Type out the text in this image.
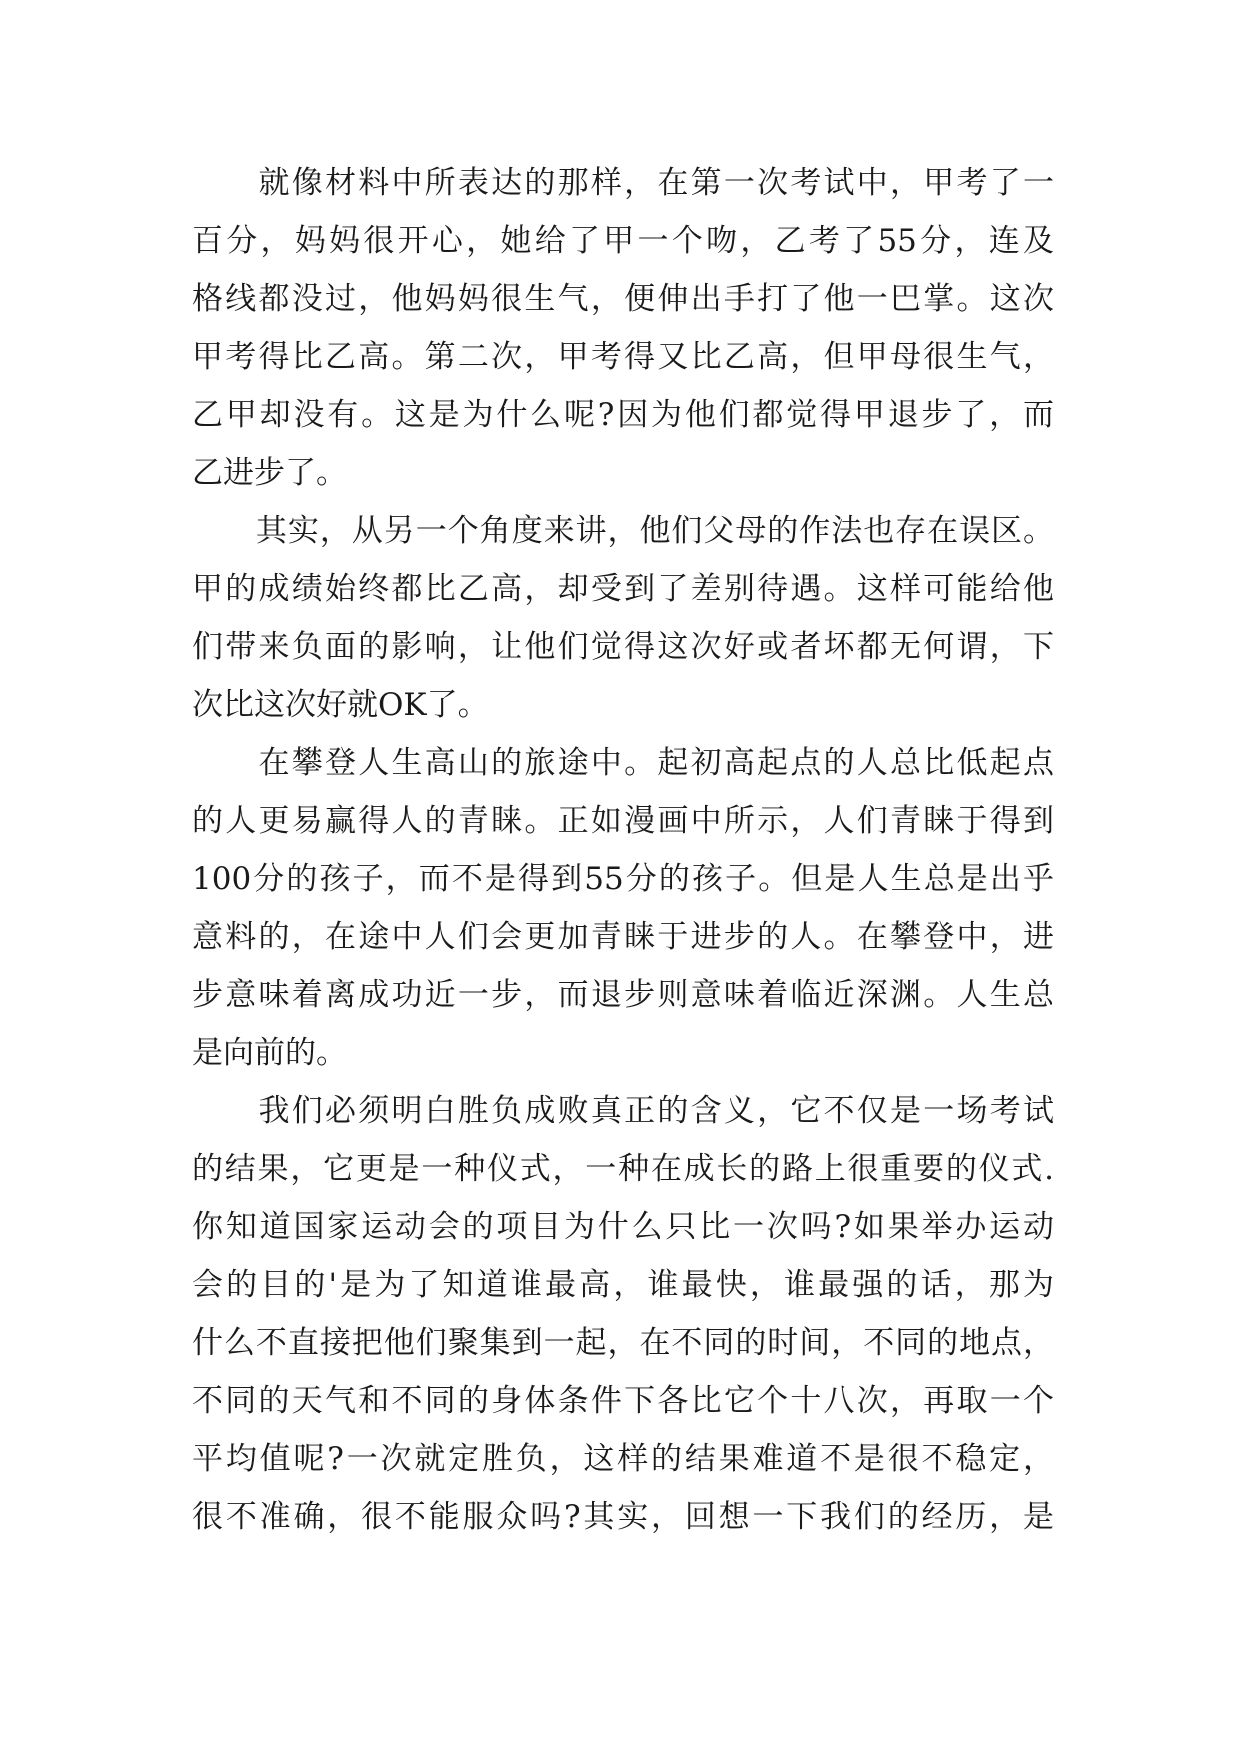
　　就像材料中所表达的那样，在第一次考试中，甲考了一
百分，妈妈很开心，她给了甲一个吻，乙考了55分，连及
格线都没过，他妈妈很生气，便伸出手打了他一巴掌。这次
甲考得比乙高。第二次，甲考得又比乙高，但甲母很生气，
乙甲却没有。这是为什么呢?因为他们都觉得甲退步了，而
乙进步了。
　　其实，从另一个角度来讲，他们父母的作法也存在误区。
甲的成绩始终都比乙高，却受到了差别待遇。这样可能给他
们带来负面的影响，让他们觉得这次好或者坏都无何谓，下
次比这次好就OK了。
　　在攀登人生高山的旅途中。起初高起点的人总比低起点
的人更易赢得人的青睐。正如漫画中所示，人们青睐于得到
100分的孩子，而不是得到55分的孩子。但是人生总是出乎
意料的，在途中人们会更加青睐于进步的人。在攀登中，进
步意味着离成功近一步，而退步则意味着临近深渊。人生总
是向前的。
　　我们必须明白胜负成败真正的含义，它不仅是一场考试
的结果，它更是一种仪式，一种在成长的路上很重要的仪式.
你知道国家运动会的项目为什么只比一次吗?如果举办运动
会的目的'是为了知道谁最高，谁最快，谁最强的话，那为
什么不直接把他们聚集到一起，在不同的时间，不同的地点，
不同的天气和不同的身体条件下各比它个十八次，再取一个
平均值呢?一次就定胜负，这样的结果难道不是很不稳定，
很不准确，很不能服众吗?其实，回想一下我们的经历，是
